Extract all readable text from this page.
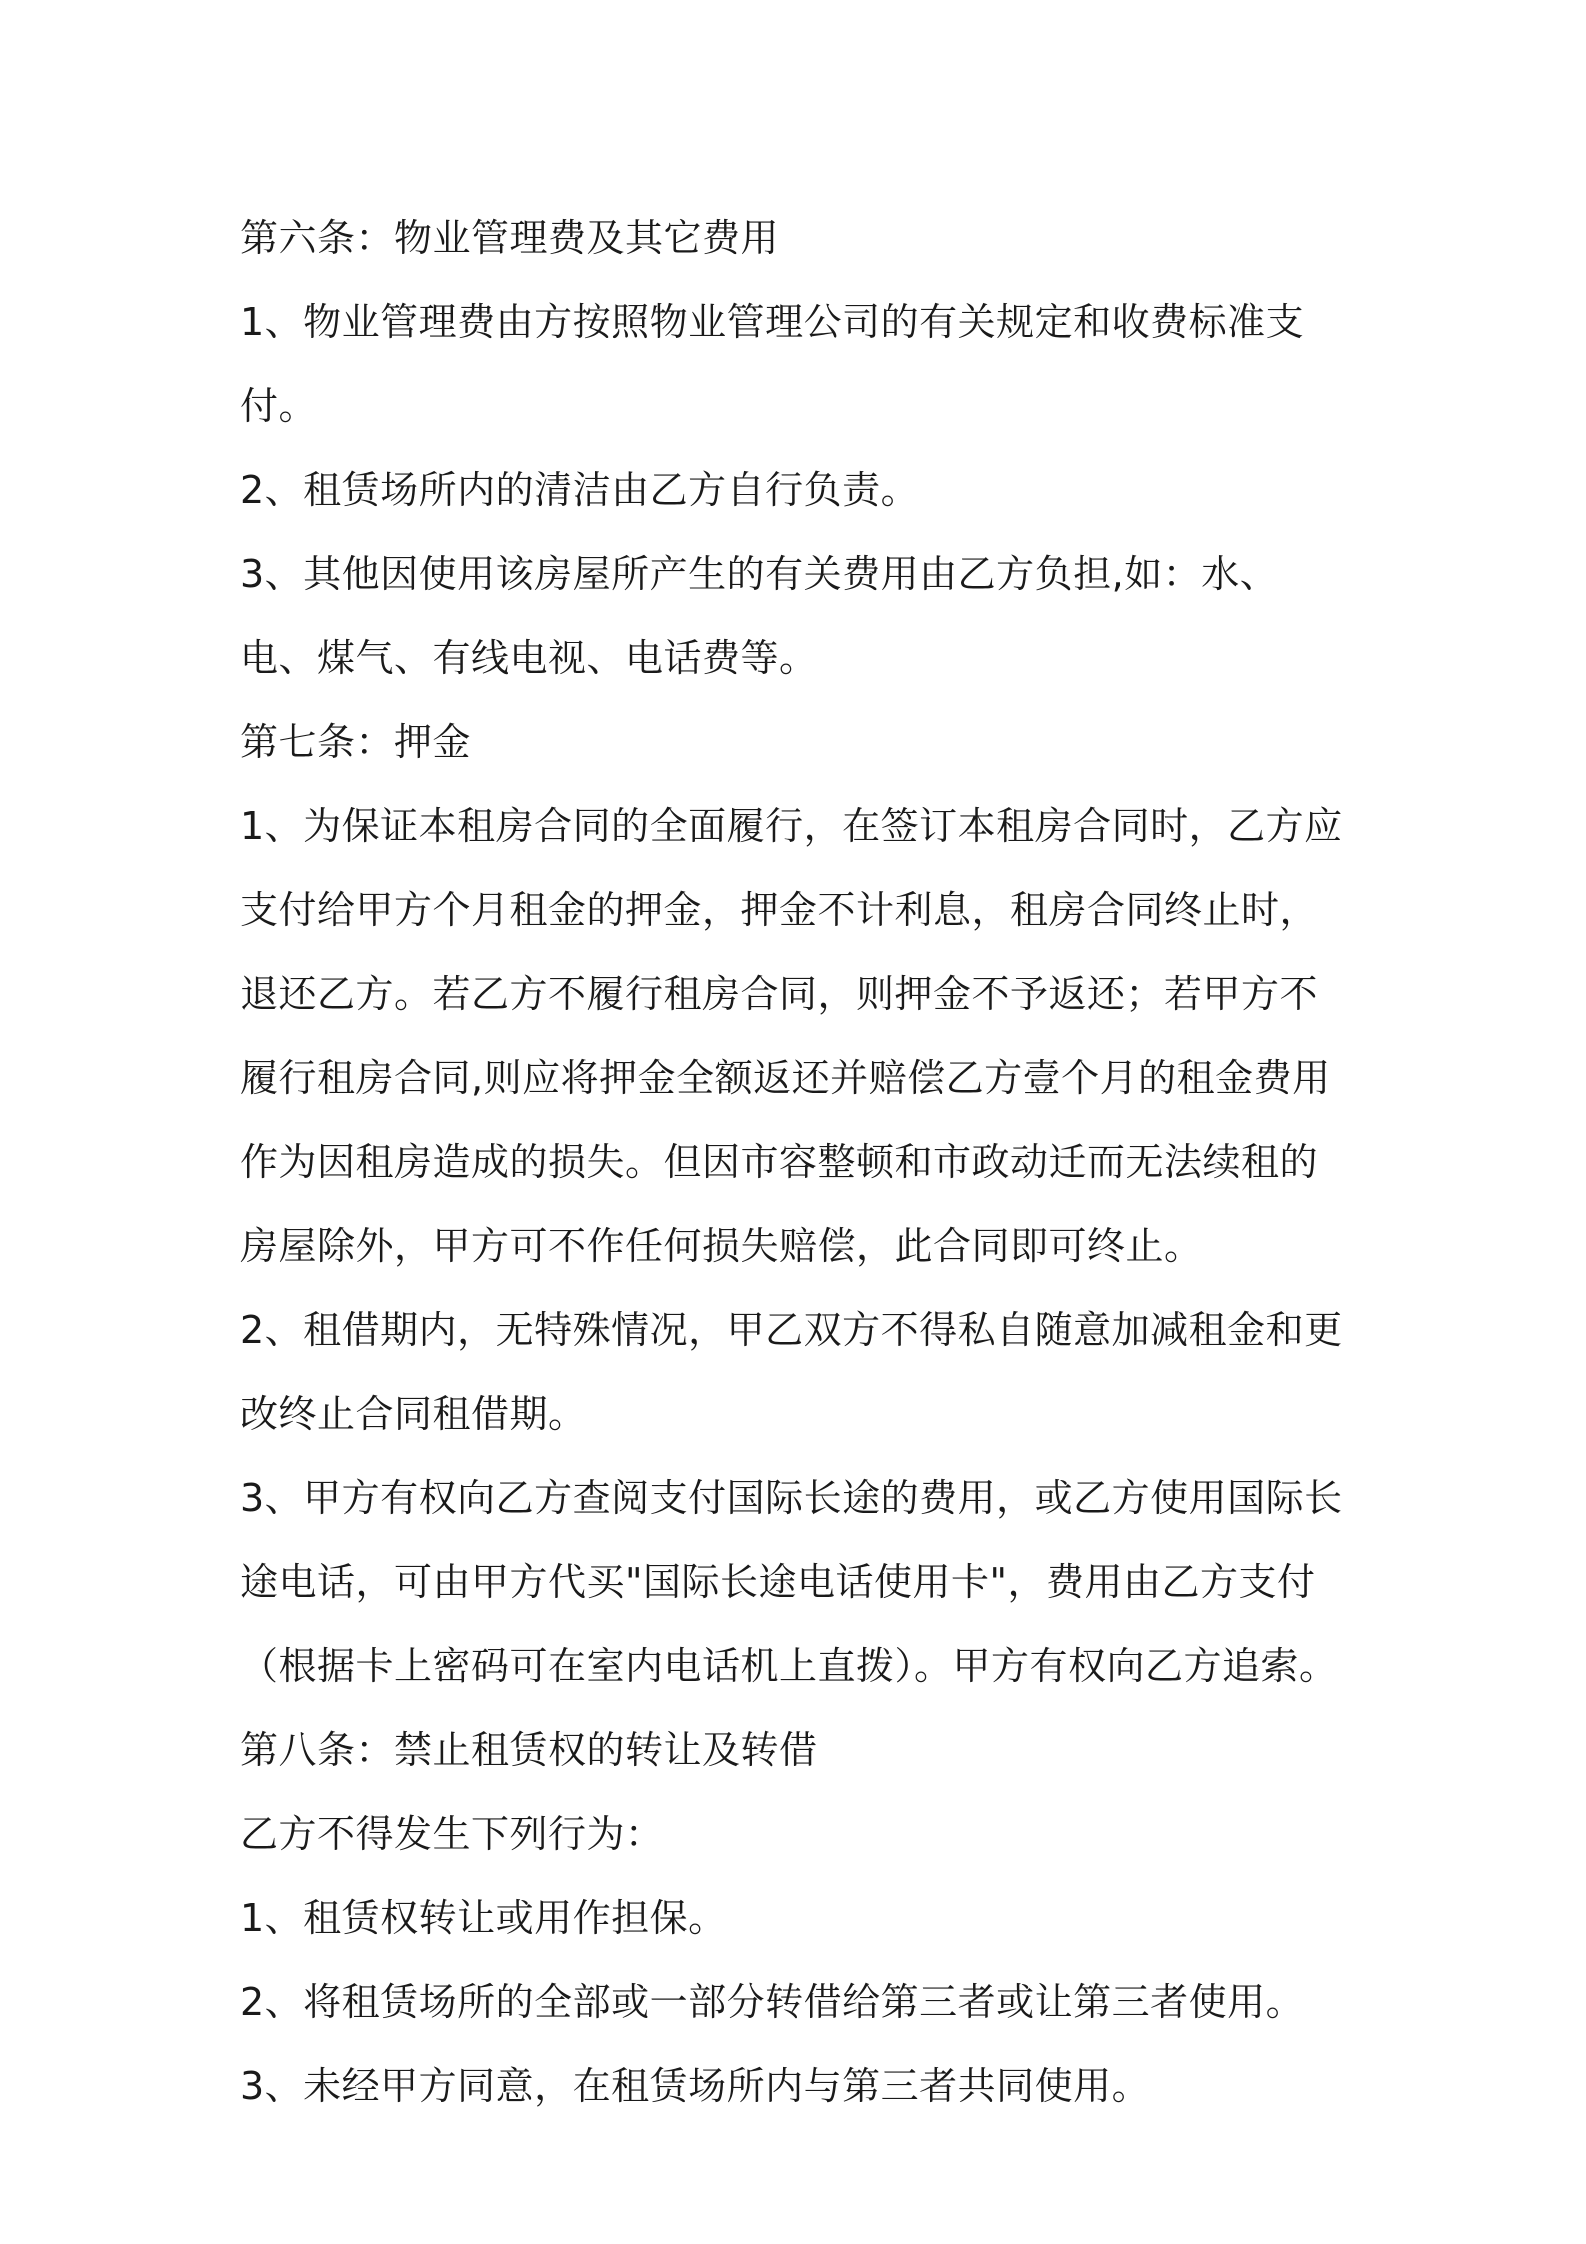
第六条：物业管理费及其它费用

1、物业管理费由方按照物业管理公司的有关规定和收费标准支付。

2、租赁场所内的清洁由乙方自行负责。

3、其他因使用该房屋所产生的有关费用由乙方负担,如：水、电、煤气、有线电视、电话费等。

第七条：押金

1、为保证本租房合同的全面履行，在签订本租房合同时，乙方应支付给甲方个月租金的押金，押金不计利息，租房合同终止时，退还乙方。若乙方不履行租房合同，则押金不予返还；若甲方不履行租房合同,则应将押金全额返还并赔偿乙方壹个月的租金费用作为因租房造成的损失。但因市容整顿和市政动迁而无法续租的房屋除外，甲方可不作任何损失赔偿，此合同即可终止。

2、租借期内，无特殊情况，甲乙双方不得私自随意加减租金和更改终止合同租借期。

3、甲方有权向乙方查阅支付国际长途的费用，或乙方使用国际长途电话，可由甲方代买"国际长途电话使用卡"，费用由乙方支付（根据卡上密码可在室内电话机上直拨）。甲方有权向乙方追索。第八条：禁止租赁权的转让及转借

乙方不得发生下列行为：

1、租赁权转让或用作担保。

2、将租赁场所的全部或一部分转借给第三者或让第三者使用。

3、未经甲方同意，在租赁场所内与第三者共同使用。
